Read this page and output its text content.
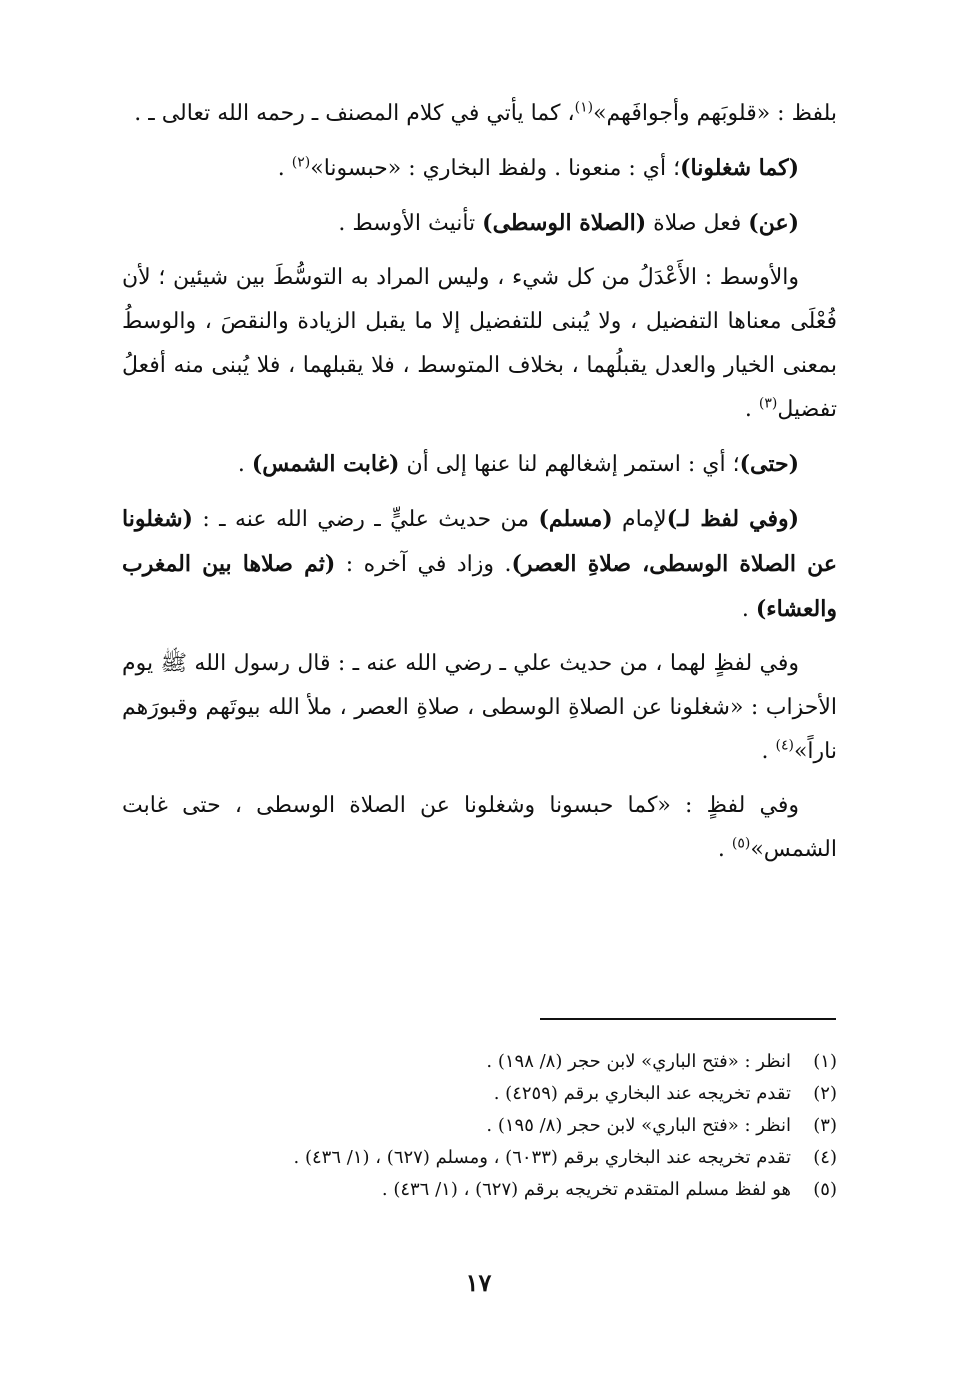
بلفظ : «قلوبَهم وأجوافَهم»$^{(١)}$، كما يأتي في كلام المصنف ـ رحمه الله تعالى ـ .

(كما شغلونا)؛ أي : منعونا . ولفظ البخاري : «حبسونا»$^{(٢)}$ .

(عن) فعل صلاة (الصلاة الوسطى) تأنيث الأوسط .

والأوسط : الأَعْدَلُ من كل شيء ، وليس المراد به التوسُّطَ بين شيئين ؛ لأن فُعْلَى معناها التفضيل ، ولا يُبنى للتفضيل إلا ما يقبل الزيادة والنقصَ ، والوسطُ بمعنى الخيار والعدل يقبلُهما ، بخلاف المتوسط ، فلا يقبلهما ، فلا يُبنى منه أفعلُ تفضيل$^{(٣)}$ .

(حتى)؛ أي : استمر إشغالهم لنا عنها إلى أن (غابت الشمس) .

(وفي لفظ لـ)لإمام (مسلم) من حديث عليٍّ ـ رضي الله عنه ـ : (شغلونا عن الصلاة الوسطى، صلاةِ العصر). وزاد في آخره : (ثم صلاها بين المغرب والعشاء) .

وفي لفظٍ لهما ، من حديث علي ـ رضي الله عنه ـ : قال رسول الله ﷺ يوم الأحزاب : «شغلونا عن الصلاةِ الوسطى ، صلاةِ العصر ، ملأ الله بيوتَهم وقبورَهم ناراً»$^{(٤)}$ .

وفي لفظٍ : «كما حبسونا وشغلونا عن الصلاة الوسطى ، حتى غابت الشمس»$^{(٥)}$ .

(١)
انظر : «فتح الباري» لابن حجر (٨/ ١٩٨) .
(٢)
تقدم تخريجه عند البخاري برقم (٤٢٥٩) .
(٣)
انظر : «فتح الباري» لابن حجر (٨/ ١٩٥) .
(٤)
تقدم تخريجه عند البخاري برقم (٦٠٣٣) ، ومسلم (٦٢٧) ، (١/ ٤٣٦) .
(٥)
هو لفظ مسلم المتقدم تخريجه برقم (٦٢٧) ، (١/ ٤٣٦) .
١٧
